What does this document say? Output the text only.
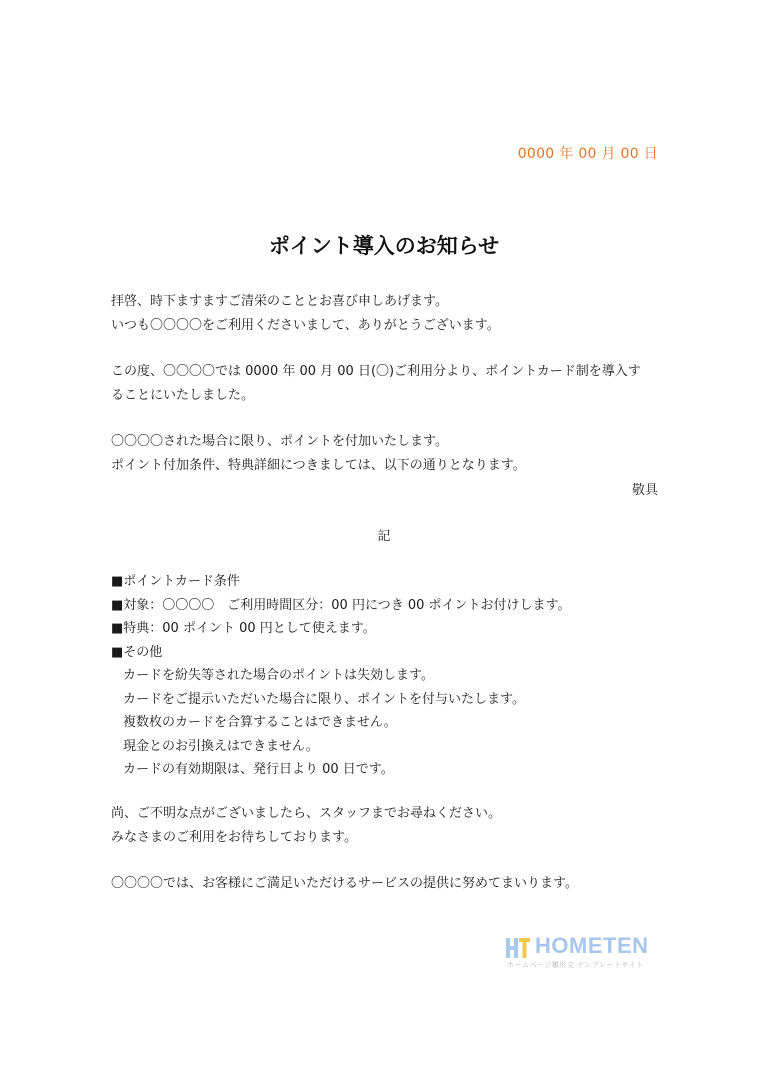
0000 年 00 月 00 日
ポイント導入のお知らせ

拝啓、時下ますますご清栄のこととお喜び申しあげます。

いつも〇〇〇〇をご利用くださいまして、ありがとうございます。

この度、〇〇〇〇では 0000 年 00 月 00 日(〇)ご利用分より、ポイントカード制を導入す

ることにいたしました。

〇〇〇〇された場合に限り、ポイントを付加いたします。

ポイント付加条件、特典詳細につきましては、以下の通りとなります。

敬具
記

■ポイントカード条件

■対象：〇〇〇〇　ご利用時間区分：00 円につき 00 ポイントお付けします。

■特典：00 ポイント 00 円として使えます。

■その他

カードを紛失等された場合のポイントは失効します。

カードをご提示いただいた場合に限り、ポイントを付与いたします。

複数枚のカードを合算することはできません。

現金とのお引換えはできません。

カードの有効期限は、発行日より 00 日です。

尚、ご不明な点がございましたら、スタッフまでお尋ねください。

みなさまのご利用をお待ちしております。

〇〇〇〇では、お客様にご満足いただけるサービスの提供に努めてまいります。

HOMETEN
ホームページ雛形文 テンプレートサイト
